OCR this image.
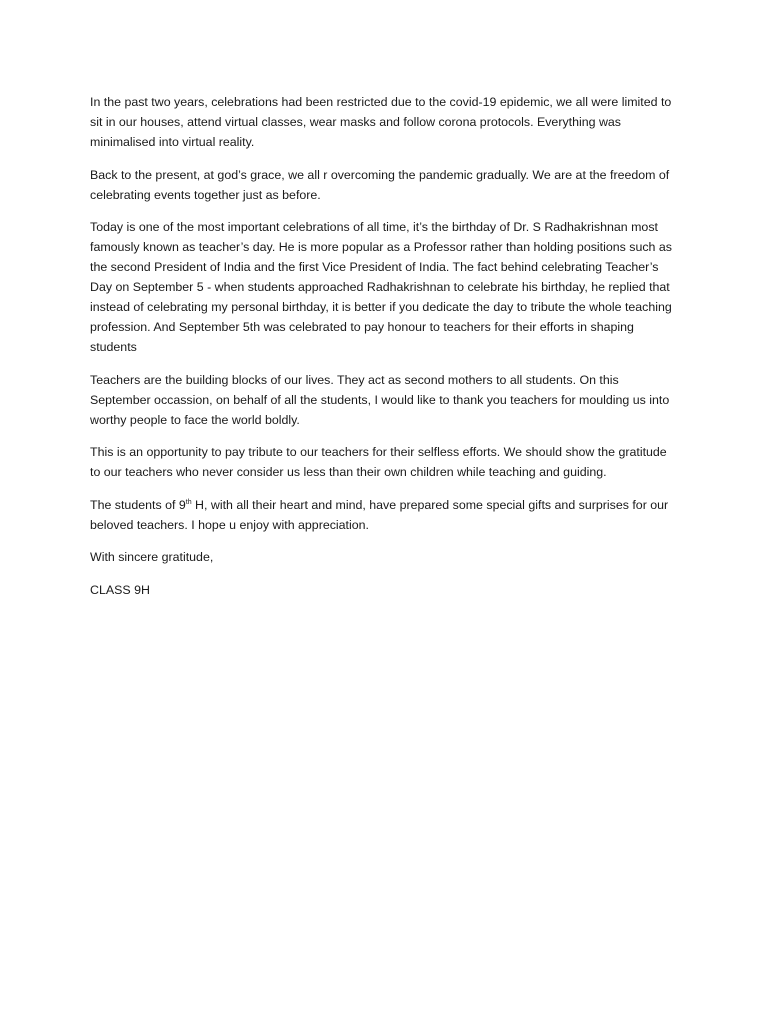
In the past two years, celebrations had been restricted due to the covid-19 epidemic, we all were limited to sit in our houses, attend virtual classes, wear masks and follow corona protocols. Everything was minimalised into virtual reality.

Back to the present, at god’s grace, we all r overcoming the pandemic gradually. We are at the freedom of celebrating events together just as before.

Today is one of the most important celebrations of all time, it’s the birthday of Dr. S Radhakrishnan most famously known as teacher’s day. He is more popular as a Professor rather than holding positions such as the second President of India and the first Vice President of India. The fact behind celebrating Teacher’s Day on September 5 - when students approached Radhakrishnan to celebrate his birthday, he replied that instead of celebrating my personal birthday, it is better if you dedicate the day to tribute the whole teaching profession. And September 5th was celebrated to pay honour to teachers for their efforts in shaping students

Teachers are the building blocks of our lives. They act as second mothers to all students. On this September occassion, on behalf of all the students, I would like to thank you teachers for moulding us into worthy people to face the world boldly.

This is an opportunity to pay tribute to our teachers for their selfless efforts. We should show the gratitude to our teachers who never consider us less than their own children while teaching and guiding.

The students of 9th H, with all their heart and mind, have prepared some special gifts and surprises for our beloved teachers. I hope u enjoy with appreciation.

With sincere gratitude,

CLASS 9H
